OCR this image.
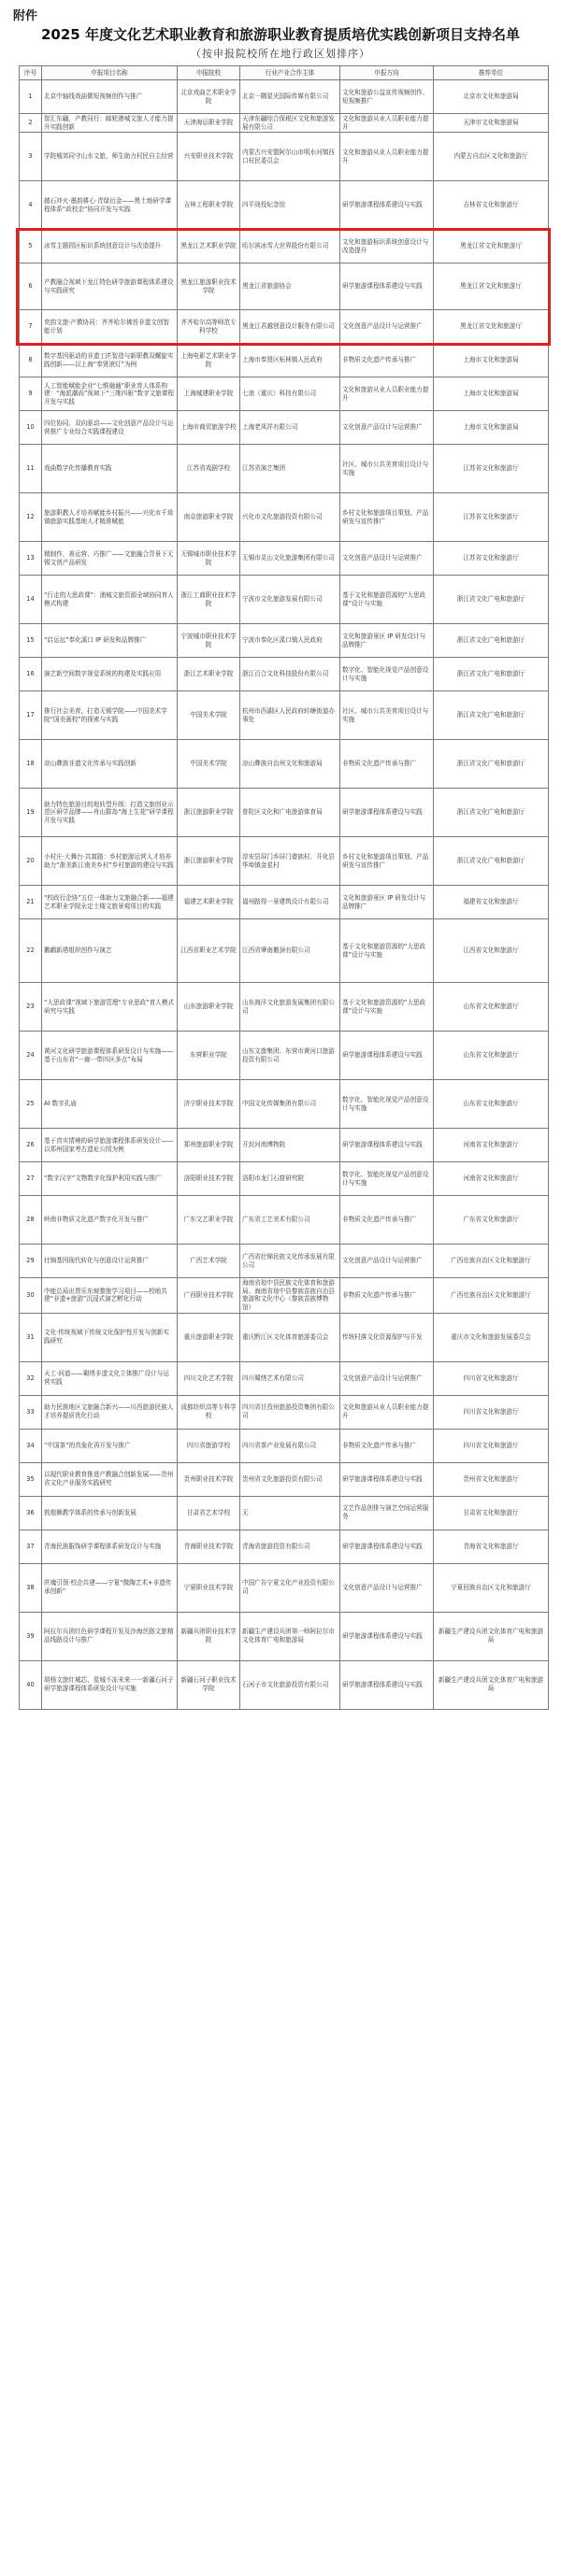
附件
2025 年度文化艺术职业教育和旅游职业教育提质培优实践创新项目支持名单
（按申报院校所在地行政区划排序）
序号	申报项目名称	申报院校	行业产业合作主体	申报方向	推荐单位
1	北京中轴线戏曲微短视频创作与推广	北京戏曲艺术职业学院	北京一隅星光国际传媒有限公司	文化和旅游公益宣传视频创作、短视频推广	北京市文化和旅游局
2	智汇东疆，产教同行：邮轮港城文旅人才能力提升实践创新	天津海运职业学院	天津东疆综合保税区文化和旅游发展有限公司	文化和旅游从业人员职业能力提升	天津市文化和旅游局
3	学院城郊同守山水文旅，师生助力村民自主经营	兴安职业技术学院	内蒙古兴安盟阿尔山市明水河镇西口村民委员会	文化和旅游从业人员职业能力提升	内蒙古自治区文化和旅游厅
4	越石冲火·墨韵耕心·青绿衍金——黑土地研学课程体系“政校企”协同开发与实践	吉林工程职业学院	四平战役纪念馆	研学旅游课程体系建设与实践	吉林省文化和旅游厅
5	冰雪主题园区标识系统创意设计与改造提升	黑龙江艺术职业学院	哈尔滨冰雪大世界股份有限公司	文化和旅游标识系统创意设计与改造提升	黑龙江省文化和旅游厅
6	产教融合视域下龙江特色研学旅游课程体系建设与实践研究	黑龙江旅游职业技术学院	黑龙江省旅游协会	研学旅游课程体系建设与实践	黑龙江省文化和旅游厅
7	奕韵文旅·产教协同：齐齐哈尔佛旨非遗文创智能计划	齐齐哈尔高等师范专科学校	黑龙江君越创意设计服务有限公司	文化创意产品设计与运营推广	黑龙江省文化和旅游厅
8	数字基因驱动的非遗工匠智造与新职教双螺旋实践创新——以上海“奉贤滚灯”为例	上海电影艺术职业学院	上海市奉贤区柘林镇人民政府	非物质文化遗产传承与推广	上海市文化和旅游局
9	人工智能赋能企业“七维融通”职业育人体系构建：“海派潮尚”视域下“三维四驱”数字文旅课程开发与实践	上海城建职业学院	七浪（重庆）科技有限公司	文化和旅游从业人员职业能力提升	上海市文化和旅游局
10	四位协同、双向驱动——文化创意产品设计与运营推广专业综合实践课程建设	上海市商贸旅游学校	上海老凤祥有限公司	文化创意产品设计与运营推广	上海市文化和旅游局
11	戏曲数字化传播教育实践	江苏省戏剧学校	江苏省演艺集团	社区、城市公共美育项目设计与实施	江苏省文化和旅游厅
12	旅游职教人才培养赋能乡村振兴——兴化市千垛镇旅游实践基地人才精准赋能	南京旅游职业学院	兴化市文化旅游投资有限公司	乡村文化和旅游项目策划、产品研发与宣传推广	江苏省文化和旅游厅
13	精制作，善运营、巧推广——文旅融合背景下无锡文创产品研发	无锡城市职业技术学院	无锡市灵山文化旅游集团有限公司	文化创意产品设计与运营推广	江苏省文化和旅游厅
14	“行走的大思政课”：浦城文旅资源全域协同育人模式构建	浙江工商职业技术学院	宁波市文化旅游发展有限公司	基于文化和旅游资源的“大思政课”设计与实施	浙江省文化广电和旅游厅
15	“启运坛”奉化溪口 IP 研发和品牌推广	宁波城市职业技术学院	宁波市奉化区溪口镇人民政府	文化和旅游景区 IP 研发设计与品牌推广	浙江省文化广电和旅游厅
16	演艺新空间数字视觉系统的构建及实践应用	浙江艺术职业学院	浙江百合文化科技股份有限公司	数字化、智能化视觉产品创意设计与实施	浙江省文化广电和旅游厅
17	推行社会美育，打造无锡学院——中国美术学院“国美画校”的探索与实践	中国美术学院	杭州市西湖区人民政府转塘街道办事处	社区、城市公共美育项目设计与实施	浙江省文化广电和旅游厅
18	凉山彝族非遗文化传承与实践创新	中国美术学院	凉山彝族自治州文化和旅游局	非物质文化遗产传承与推广	浙江省文化广电和旅游厅
19	助力特色旅游目的地转型升级：打造文旅创业示范区研学品牌——舟山群岛“海上生花”研学课程开发与实践	浙江旅游职业学院	普陀区文化和广电旅游体育局	研学旅游课程体系建设与实践	浙江省文化广电和旅游厅
20	小村庄·大舞台·共富路：乡村旅游运营人才培养助力“浙美新江南美乡村”乡村旅游的建设与实践	浙江旅游职业学院	淳安县屏门乡屏门畲族村、开化县华埠镇金星村	乡村文化和旅游项目策划、产品研发与宣传推广	浙江省文化广电和旅游厅
21	“校政行企协”五位一体助力文旅融合新——福建艺术职业学院永定土楼文旅景观项目的实践	福建艺术职业学院	福州路得一景建筑设计有限公司	文化和旅游景区 IP 研发设计与品牌推广	福建省文化和旅游厅
22	鹅鹳新塔组织创作与演艺	江西省职业艺术学院	江西省肇南鹅颈有限公司	基于文化和旅游资源的“大思政课”设计与实施	江西省文化和旅游厅
23	“大思政课”视域下旅游管理“专业思政”育人模式研究与实践	山东旅游职业学院	山东海洋文化旅游发展集团有限公司	基于文化和旅游资源的“大思政课”设计与实施	山东省文化和旅游厅
24	黄河文化研学旅游课程体系研发设计与实施——基于山东省“一廊一带四区多点”布局	东营职业学院	山东文旅集团、东营市黄河口旅游投资有限公司	研学旅游课程体系建设与实践	山东省文化和旅游厅
25	AI 数字孔庙	济宁职业技术学院	中国文化传媒集团有限公司	数字化、智能化视觉产品创意设计与实施	山东省文化和旅游厅
26	基于真实情境的研学旅游课程体系研发设计——以郑州国家考古遗址公园为例	郑州旅游职业学院	开封河南博物院	研学旅游课程体系建设与实践	河南省文化和旅游厅
27	“数字汉字”文物数字化保护利用实践与推广	洛阳职业技术学院	洛阳市龙门石窟研究院	数字化、智能化视觉产品创意设计与实施	河南省文化和旅游厅
28	岭南非物质文化遗产数字化开发与推广	广东文艺职业学院	广东省工艺美术有限公司	非物质文化遗产传承与推广	广东省文化和旅游厅
29	壮锦基因现代转化与创意设计运营推广	广西艺术学院	广西省壮锦民族文化传承发展有限公司	文化创意产品设计与运营推广	广西壮族自治区文化和旅游厅
30	中能总局出贾乐东坡黎旅学习项目——校地共建“非遗+旅游”沉浸式演艺孵化行动	广西职业技术学院	海南省琼中县民族文化体育和旅游局、海南省琼中县黎族苗族自治县旅游和文化中心（黎族苗族博物馆）	非物质文化遗产传承与推广	广西壮族自治区文化和旅游厅
31	文化·传统视域下传统文化保护性开发与创新实践研究	重庆旅游职业学院	重庆黔江区文化体育旅游委员会	传统村落文化资源保护与开发	重庆市文化和旅游发展委员会
32	天工·问道——蜀绣非遗文化立体推广设计与运营实践	四川文化艺术学院	四川蜀绣艺术有限公司	文化创意产品设计与运营推广	四川省文化和旅游厅
33	助力民族地区文旅融合新兴——川西旅游民族人才培养提质优化行动	成都纺织高等专科学校	四川省甘孜州旅游投资集团有限公司	文化和旅游从业人员职业能力提升	四川省文化和旅游厅
34	“中国茶”的真象化再开发与推广	四川省旅游学校	四川省茶产业发展有限公司	非物质文化遗产传承与推广	四川省文化和旅游厅
35	以现代职业教育推进产教融合创新发展——贵州省文化产业服务实践研究	贵州职业技术学院	贵州省文化旅游投资有限公司	研学旅游课程体系建设与实践	贵州省文化和旅游厅
36	敦煌舞教学体系的传承与创新发展	甘肃省艺术学校	无	文艺作品创排与演艺空间运营服务	甘肃省文化和旅游厅
37	青海民族服饰研学课程体系研发设计与实施	青海职业技术学院	青海省旅游投资有限公司	研学旅游课程体系建设与实践	青海省文化和旅游厅
38	匠魂引领·校企共建——宁夏“微陶艺术+非遗传承创新”	宁夏职业技术学院	中国广告宁夏文化产业投资有限公司	文化创意产品设计与运营推广	宁夏回族自治区文化和旅游厅
39	阿拉尔兵团红色研学课程开发及沙海丝路文旅精品线路设计与推广	新疆兵团职业技术学院	新疆生产建设兵团第一师阿拉尔市文化体育广电和旅游局	研学旅游课程体系建设与实践	新疆生产建设兵团文化体育广电和旅游局
40	胡杨文旅红城芯、星城不冻未来一一新疆石河子研学旅游课程体系研发设计与实施	新疆石河子职业技术学院	石河子市文化旅游投资有限公司	研学旅游课程体系建设与实践	新疆生产建设兵团文化体育广电和旅游局
